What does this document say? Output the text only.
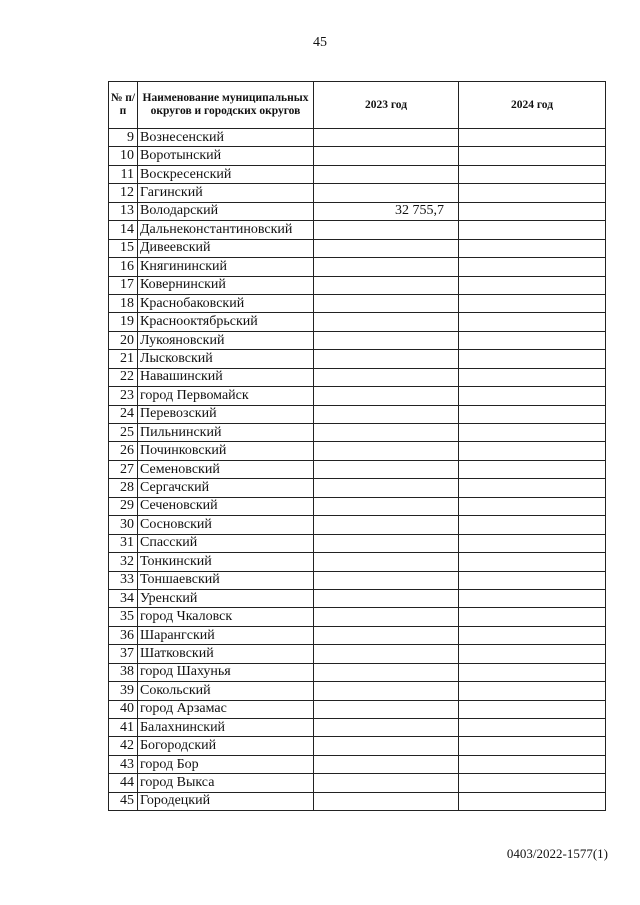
45
№ п/п	Наименование муниципальных округов и городских округов	2023 год	2024 год
9	Вознесенский		
10	Воротынский		
11	Воскресенский		
12	Гагинский		
13	Володарский	32 755,7	
14	Дальнеконстантиновский		
15	Дивеевский		
16	Княгининский		
17	Ковернинский		
18	Краснобаковский		
19	Краснооктябрьский		
20	Лукояновский		
21	Лысковский		
22	Навашинский		
23	город Первомайск		
24	Перевозский		
25	Пильнинский		
26	Починковский		
27	Семеновский		
28	Сергачский		
29	Сеченовский		
30	Сосновский		
31	Спасский		
32	Тонкинский		
33	Тоншаевский		
34	Уренский		
35	город Чкаловск		
36	Шарангский		
37	Шатковский		
38	город Шахунья		
39	Сокольский		
40	город Арзамас		
41	Балахнинский		
42	Богородский		
43	город Бор		
44	город Выкса		
45	Городецкий		
0403/2022-1577(1)
